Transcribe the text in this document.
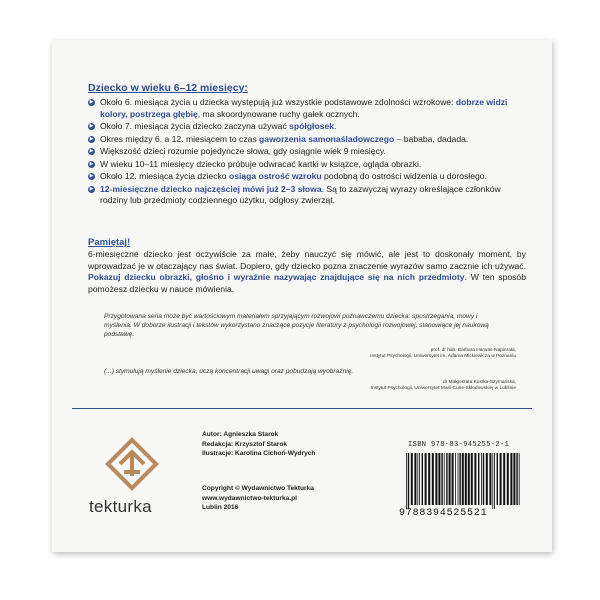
Dziecko w wieku 6–12 miesięcy:

▶ Około 6. miesiąca życia u dziecka występują już wszystkie podstawowe zdolności wzrokowe: dobrze widzi kolory, postrzega głębię, ma skoordynowane ruchy gałek ocznych.
▶ Około 7. miesiąca życia dziecko zaczyna używać spółgłosek.
▶ Okres między 6. a 12. miesiącem to czas gaworzenia samonaśladowczego – bababa, dadada.
▶ Większość dzieci rozumie pojedyncze słowa, gdy osiągnie wiek 9 miesięcy.
▶ W wieku 10–11 miesięcy dziecko próbuje odwracać kartki w książce, ogląda obrazki.
▶ Około 12. miesiąca życia dziecko osiąga ostrość wzroku podobną do ostrości widzenia u dorosłego.
▶ 12-miesięczne dziecko najczęściej mówi już 2–3 słowa. Są to zazwyczaj wyrazy określające członków rodziny lub przedmioty codziennego użytku, odgłosy zwierząt.
Pamiętaj!

6-miesięczne dziecko jest oczywiście za małe, żeby nauczyć się mówić, ale jest to doskonały moment, by wprowadzać je w otaczający nas świat. Dopiero, gdy dziecko pozna znaczenie wyrazów samo zacznie ich używać. Pokazuj dziecku obrazki, głośno i wyraźnie nazywając znajdujące się na nich przedmioty. W ten sposób pomożesz dziecku w nauce mówienia.

Przygotowana seria może być wartościowym materiałem sprzyjającym rozwojowi poznawczemu dziecka: spostrzegania, mowy i myślenia. W doborze ilustracji i tekstów wykorzystano znaczące pozycje literatury z psychologii rozwojowej, stanowiące jej naukową podstawę.

prof. dr hab. Barbara Harwas-Napierała,
Instytut Psychologii, Uniwersytet im. Adama Mickiewicza w Poznaniu

(...) stymulują myślenie dziecka, uczą koncentracji uwagi oraz pobudzają wyobraźnię.

dr Małgorzata Kostka-Szymańska,
Instytut Psychologii, Uniwersytet Marii Curie-Skłodowskiej w Lublinie
tekturka
Autor: Agnieszka Starok
Redakcja: Krzysztof Starok
Ilustracje: Karolina Cichoń-Wydrych
Copyright © Wydawnictwo Tekturka
www.wydawnictwo-tekturka.pl
Lublin 2016
ISBN 978-83-945255-2-1
9788394525521
